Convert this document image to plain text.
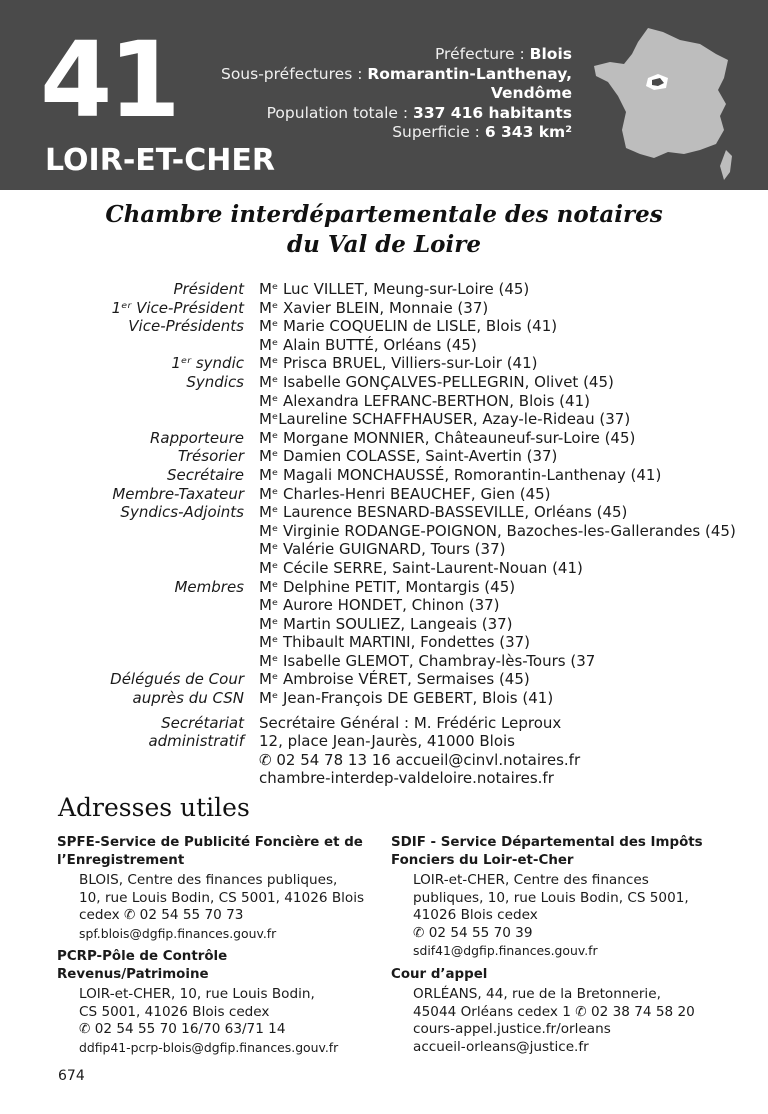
41
LOIR-ET-CHER
Préfecture : Blois
Sous-préfectures : Romarantin-Lanthenay,
Vendôme
Population totale : 337 416 habitants
Superficie : 6 343 km²
Chambre interdépartementale des notaires
du Val de Loire
Président Mᵉ Luc VILLET, Meung-sur-Loire (45)
1ᵉʳ Vice-Président Mᵉ Xavier BLEIN, Monnaie (37)
Vice-Présidents Mᵉ Marie COQUELIN de LISLE, Blois (41)
Mᵉ Alain BUTTÉ, Orléans (45)
1ᵉʳ syndic Mᵉ Prisca BRUEL, Villiers-sur-Loir (41)
Syndics Mᵉ Isabelle GONÇALVES-PELLEGRIN, Olivet (45)
Mᵉ Alexandra LEFRANC-BERTHON, Blois (41)
MᵉLaureline SCHAFFHAUSER, Azay-le-Rideau (37)
Rapporteure Mᵉ Morgane MONNIER, Châteauneuf-sur-Loire (45)
Trésorier Mᵉ Damien COLASSE, Saint-Avertin (37)
Secrétaire Mᵉ Magali MONCHAUSSÉ, Romorantin-Lanthenay (41)
Membre-Taxateur Mᵉ Charles-Henri BEAUCHEF, Gien (45)
Syndics-Adjoints Mᵉ Laurence BESNARD-BASSEVILLE, Orléans (45)
Mᵉ Virginie RODANGE-POIGNON, Bazoches-les-Gallerandes (45)
Mᵉ Valérie GUIGNARD, Tours (37)
Mᵉ Cécile SERRE, Saint-Laurent-Nouan (41)
Membres Mᵉ Delphine PETIT, Montargis (45)
Mᵉ Aurore HONDET, Chinon (37)
Mᵉ Martin SOULIEZ, Langeais (37)
Mᵉ Thibault MARTINI, Fondettes (37)
Mᵉ Isabelle GLEMOT, Chambray-lès-Tours (37
Délégués de Cour Mᵉ Ambroise VÉRET, Sermaises (45)
auprès du CSN Mᵉ Jean-François DE GEBERT, Blois (41)
Secrétariat Secrétaire Général : M. Frédéric Leproux
administratif 12, place Jean-Jaurès, 41000 Blois
✆ 02 54 78 13 16 accueil@cinvl.notaires.fr
chambre-interdep-valdeloire.notaires.fr
Adresses utiles
SPFE-Service de Publicité Foncière et de
l’Enregistrement
BLOIS, Centre des finances publiques,
10, rue Louis Bodin, CS 5001, 41026 Blois
cedex ✆ 02 54 55 70 73
spf.blois@dgfip.finances.gouv.fr
PCRP-Pôle de Contrôle Revenus/Patrimoine
LOIR-et-CHER, 10, rue Louis Bodin,
CS 5001, 41026 Blois cedex
✆ 02 54 55 70 16/70 63/71 14
ddfip41-pcrp-blois@dgfip.finances.gouv.fr
SDIF - Service Départemental des Impôts
Fonciers du Loir-et-Cher
LOIR-et-CHER, Centre des finances
publiques, 10, rue Louis Bodin, CS 5001,
41026 Blois cedex
✆ 02 54 55 70 39
sdif41@dgfip.finances.gouv.fr
Cour d’appel
ORLÉANS, 44, rue de la Bretonnerie,
45044 Orléans cedex 1 ✆ 02 38 74 58 20
cours-appel.justice.fr/orleans
accueil-orleans@justice.fr
674
